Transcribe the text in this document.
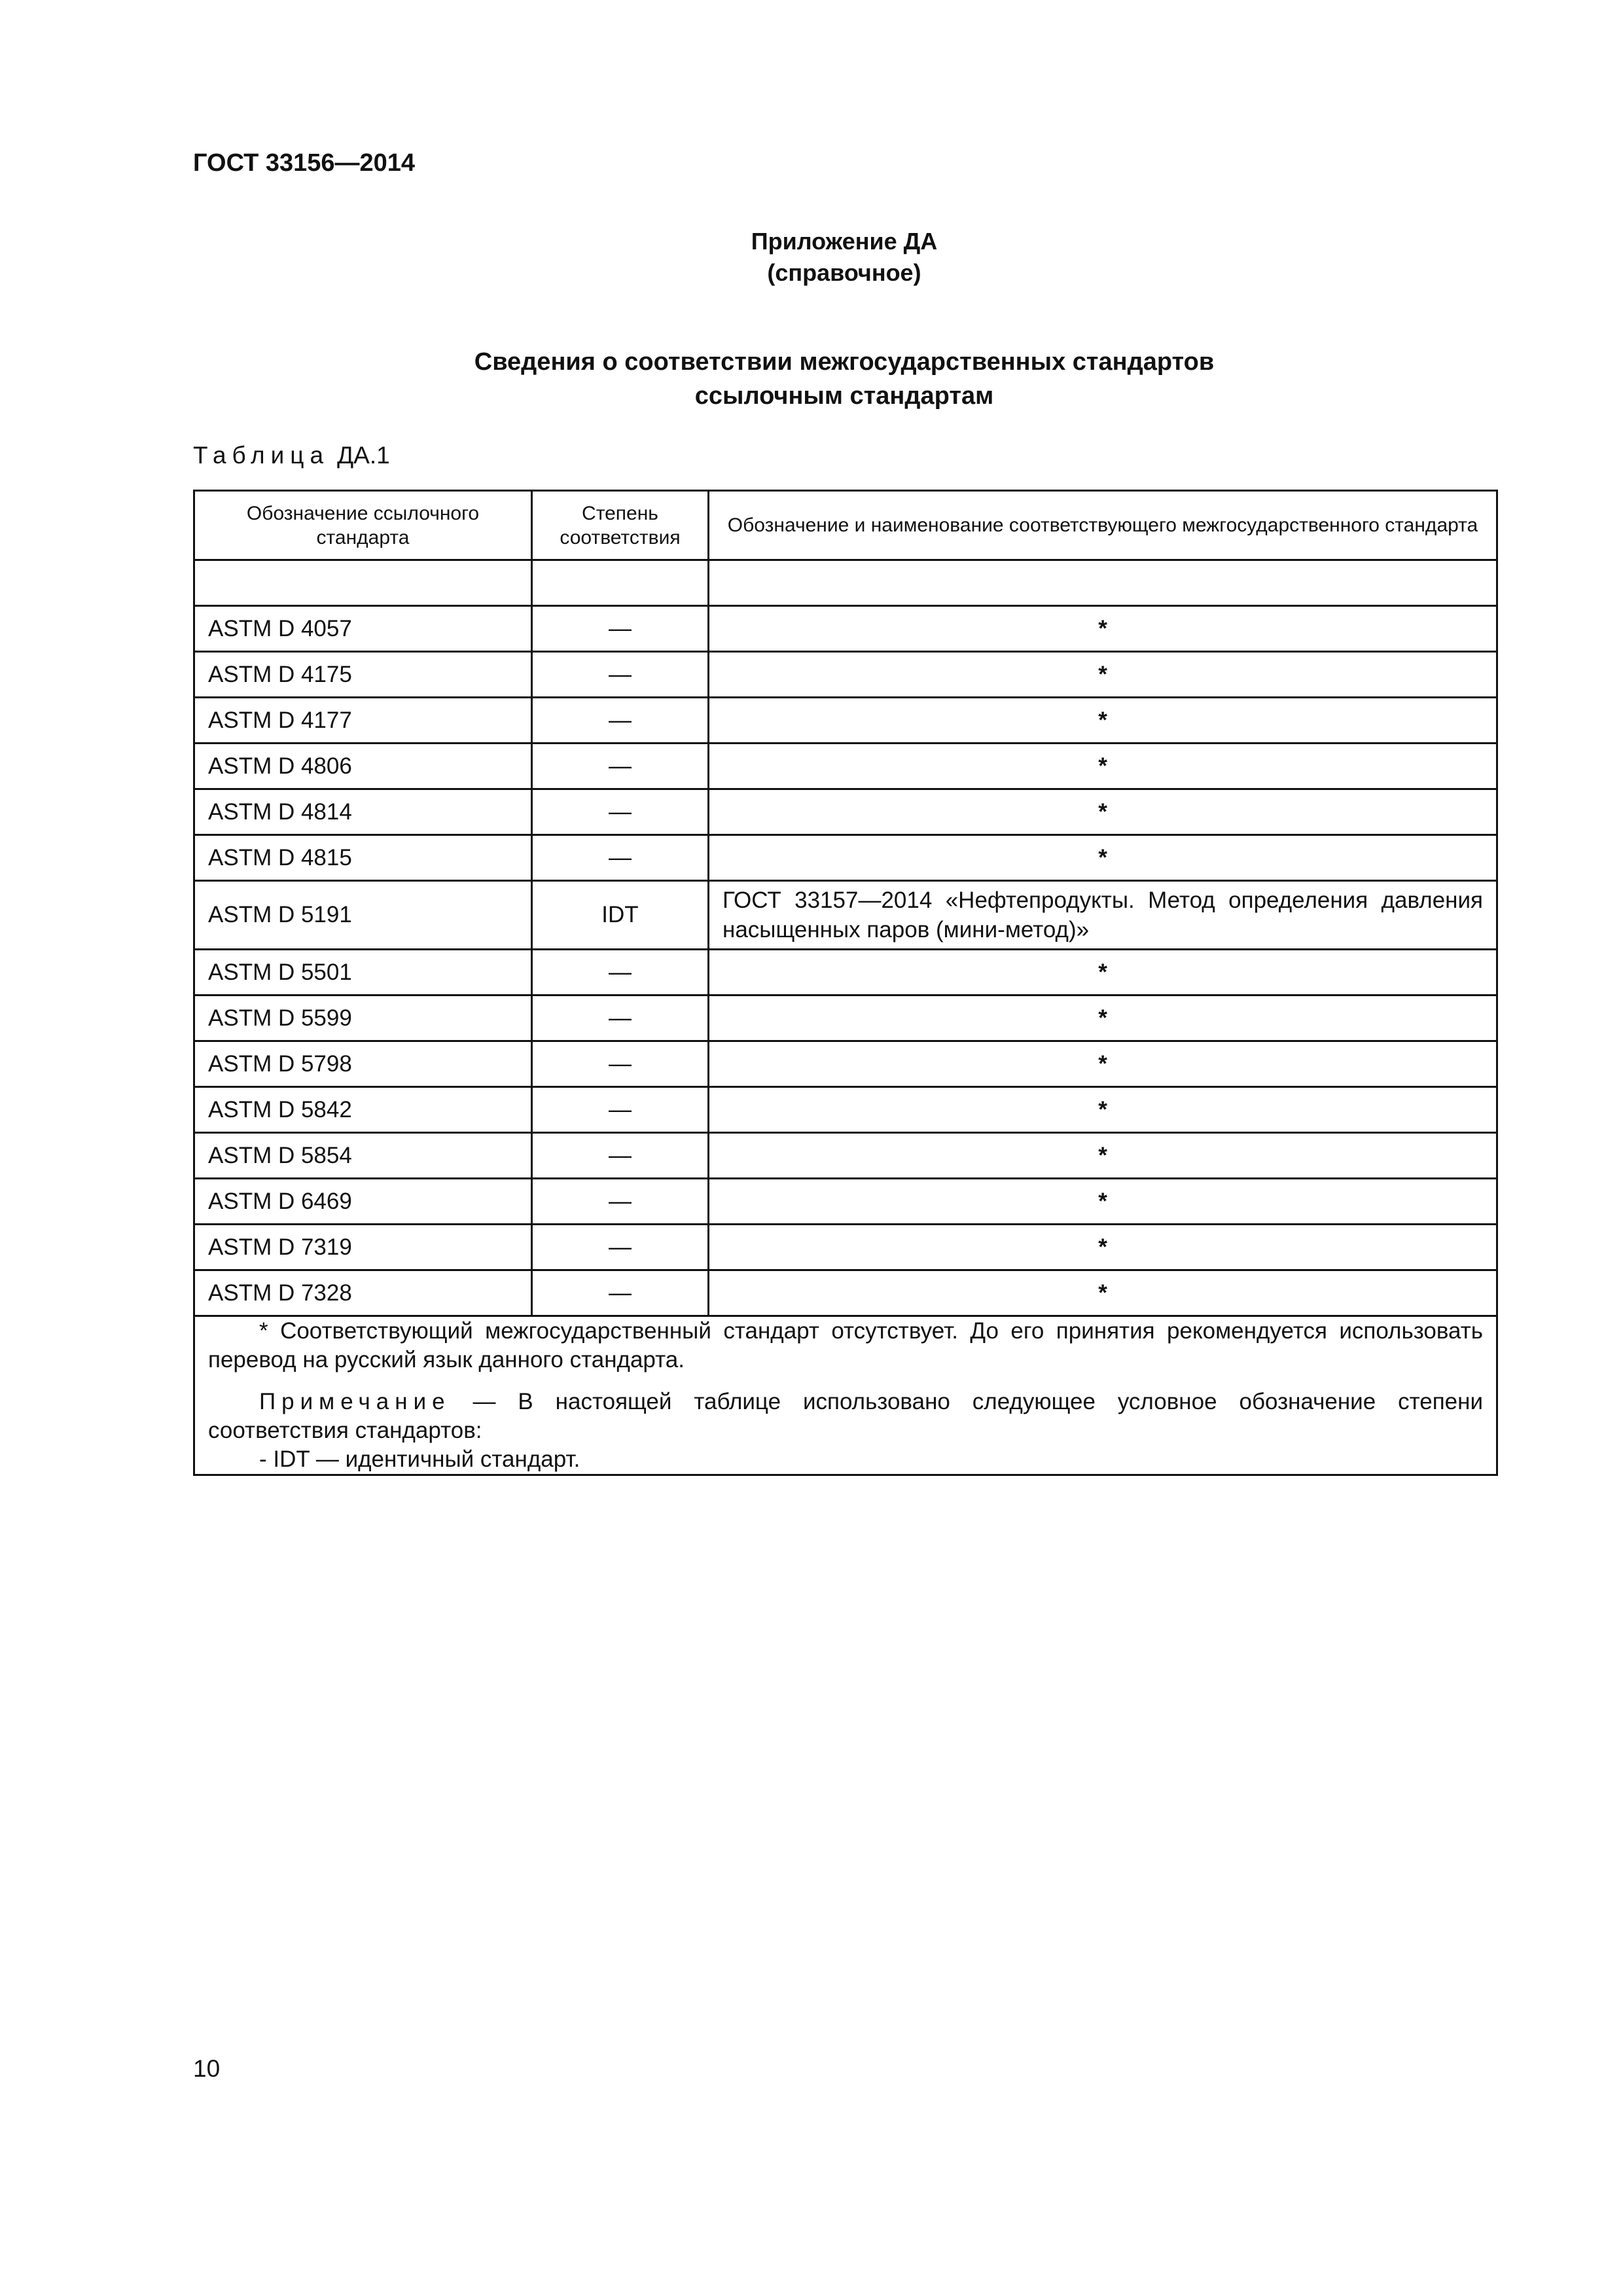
ГОСТ 33156—2014
Приложение ДА
(справочное)
Сведения о соответствии межгосударственных стандартов
ссылочным стандартам
Таблица ДА.1
Обозначение ссылочного стандарта	Степень соответствия	Обозначение и наименование соответствующего межгосударственного стандарта

ASTM D 4057	—	*
ASTM D 4175	—	*
ASTM D 4177	—	*
ASTM D 4806	—	*
ASTM D 4814	—	*
ASTM D 4815	—	*
ASTM D 5191	IDT	ГОСТ 33157—2014 «Нефтепродукты. Метод определения давления насыщенных паров (мини-метод)»
ASTM D 5501	—	*
ASTM D 5599	—	*
ASTM D 5798	—	*
ASTM D 5842	—	*
ASTM D 5854	—	*
ASTM D 6469	—	*
ASTM D 7319	—	*
ASTM D 7328	—	*

* Соответствующий межгосударственный стандарт отсутствует. До его принятия рекомендуется использовать перевод на русский язык данного стандарта.

Примечание — В настоящей таблице использовано следующее условное обозначение степени соответствия стандартов:

- IDT — идентичный стандарт.		

10
